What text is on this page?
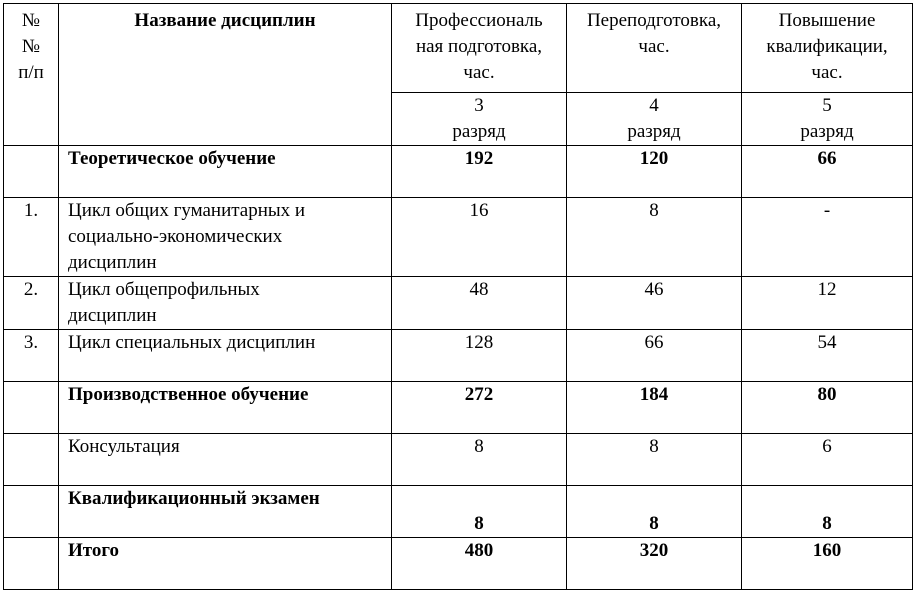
№
№
п/п	Название дисциплин	Профессиональ
ная подготовка,
час.	Переподготовка,
час.	Повышение
квалификации,
час.
		3
разряд	4
разряд	5
разряд
	Теоретическое обучение	192	120	66
1.	Цикл общих гуманитарных и
социально-экономических
дисциплин	16	8	-
2.	Цикл общепрофильных
дисциплин	48	46	12
3.	Цикл специальных дисциплин	128	66	54
	Производственное обучение	272	184	80
	Консультация	8	8	6
	Квалификационный экзамен	8	8	8
	Итого	480	320	160
